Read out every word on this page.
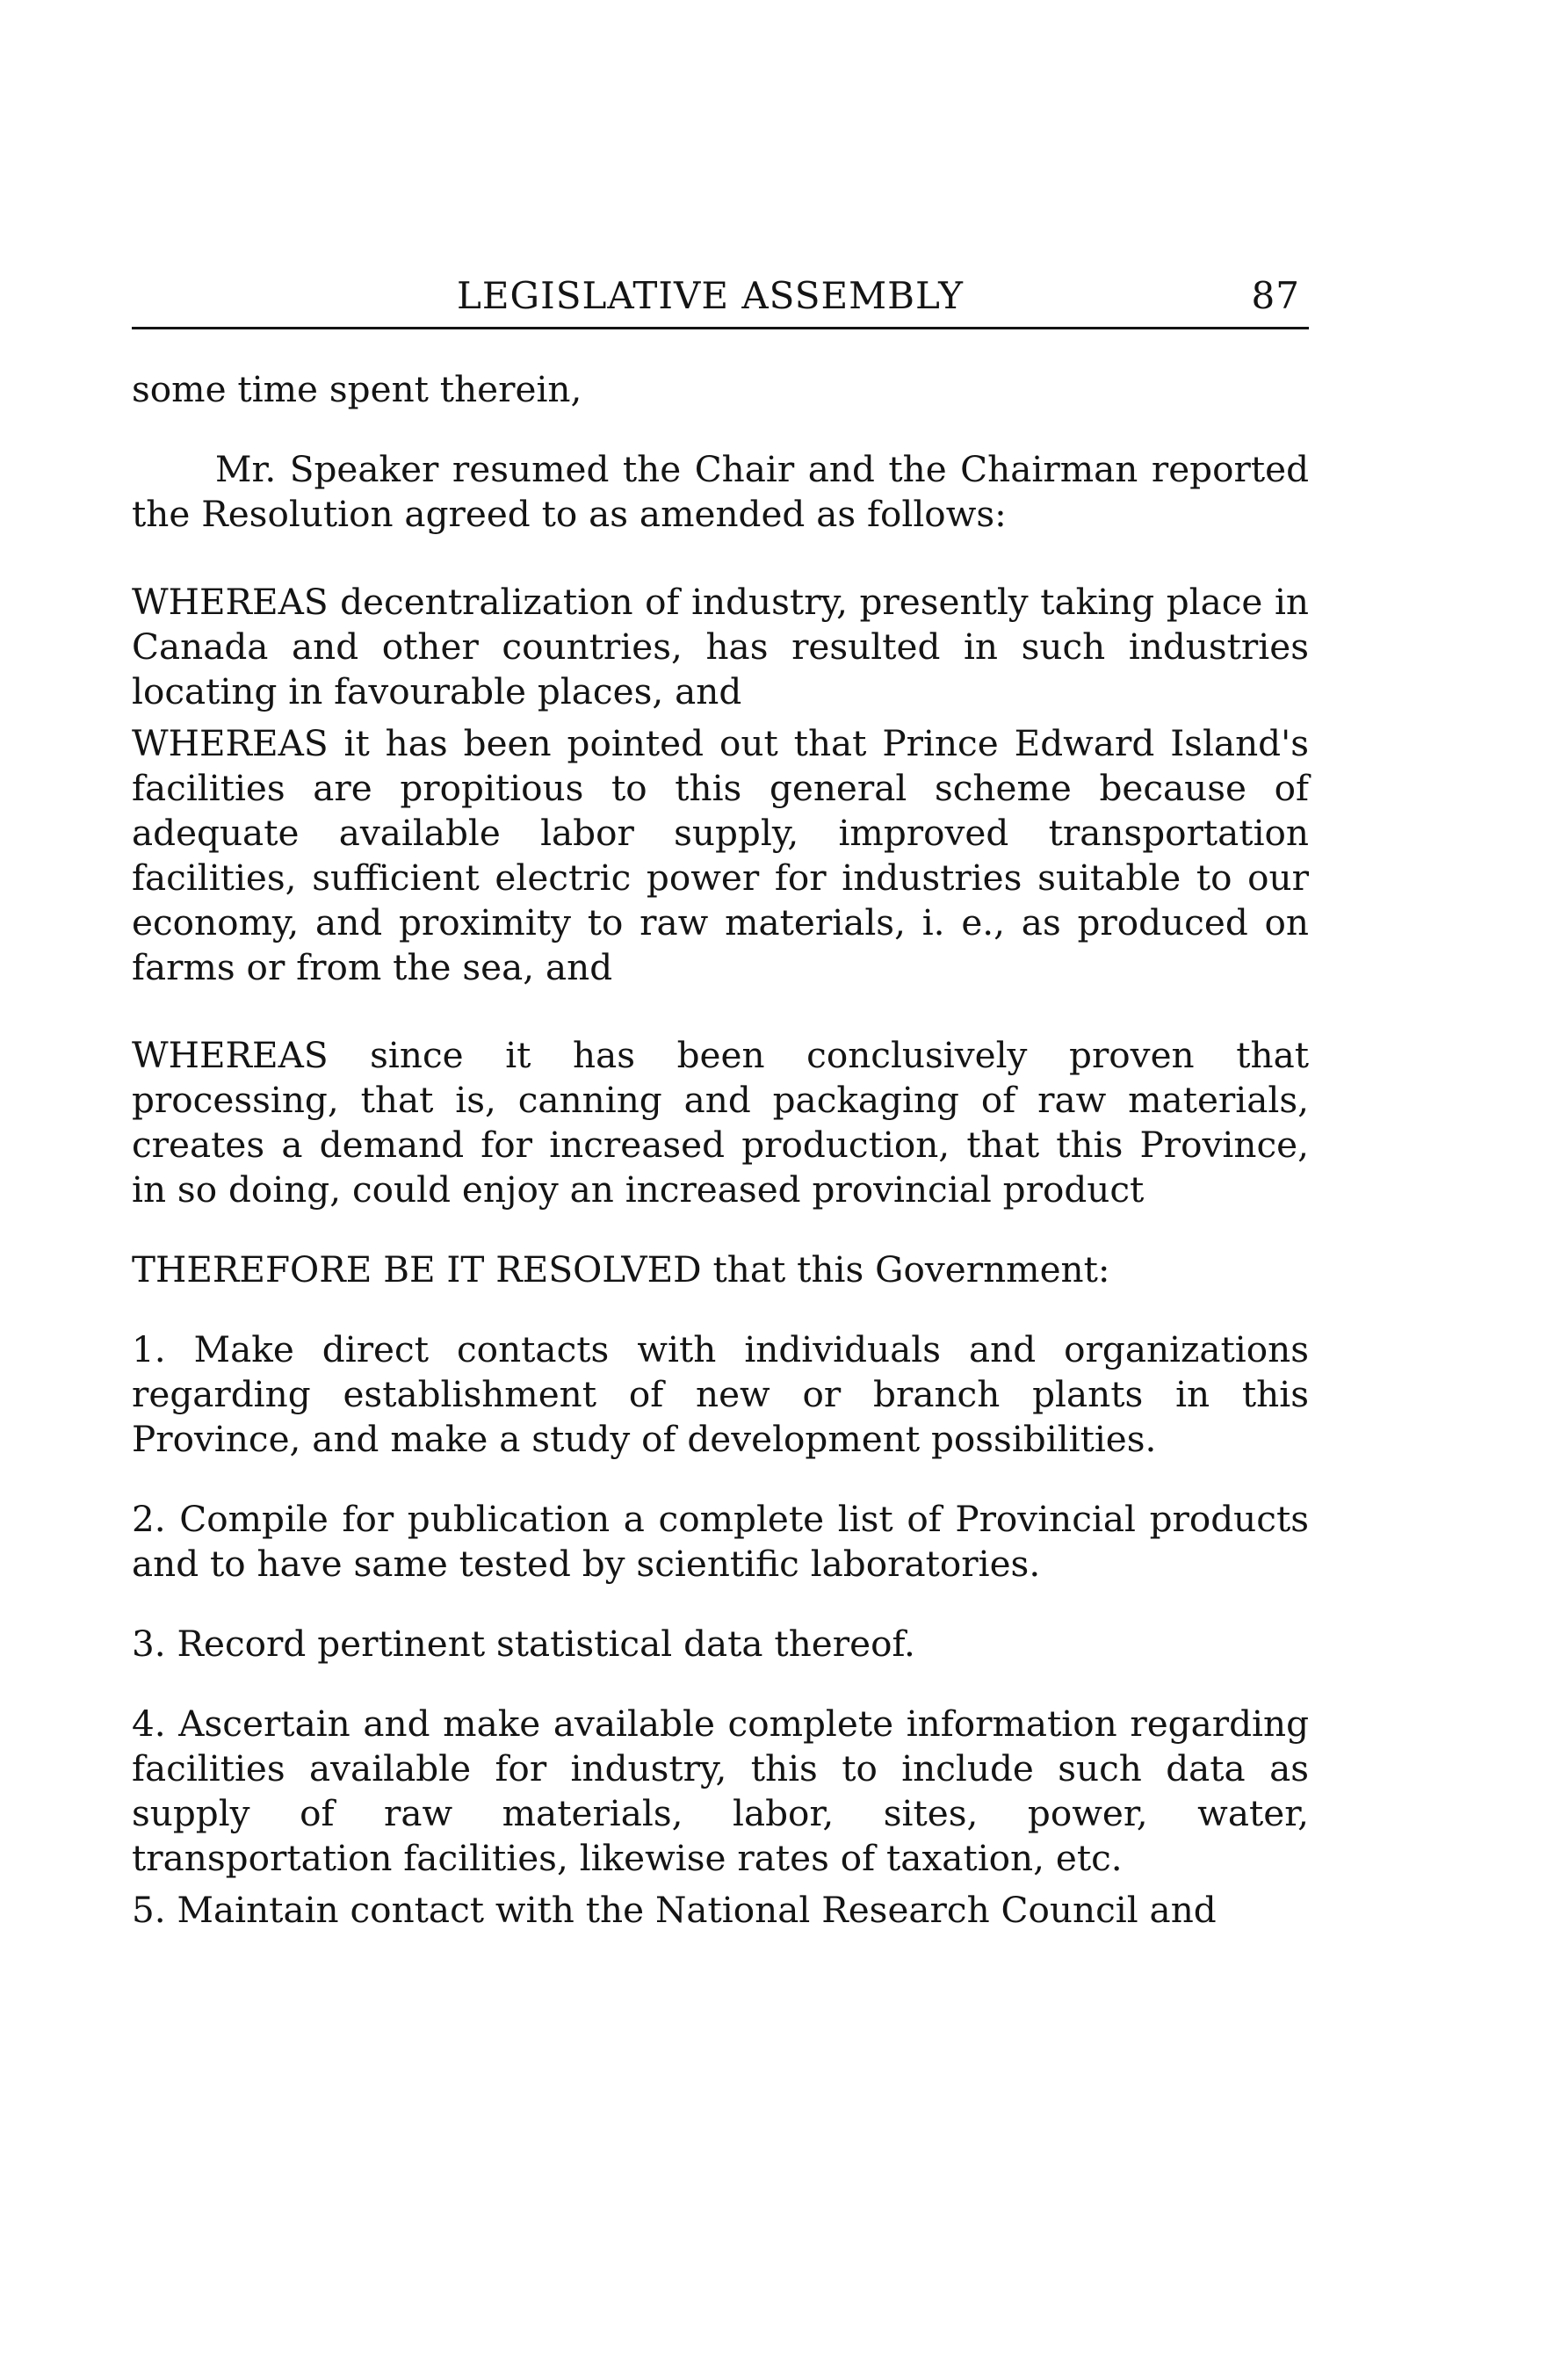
LEGISLATIVE ASSEMBLY	87

some time spent therein,

Mr. Speaker resumed the Chair and the Chairman reported the Resolution agreed to as amended as follows:

WHEREAS decentralization of industry, presently taking place in Canada and other countries, has resulted in such industries locating in favourable places, and

WHEREAS it has been pointed out that Prince Edward Island's facilities are propitious to this general scheme because of adequate available labor supply, improved transportation facilities, sufficient electric power for industries suitable to our economy, and proximity to raw materials, i. e., as produced on farms or from the sea, and

WHEREAS since it has been conclusively proven that processing, that is, canning and packaging of raw materials, creates a demand for increased production, that this Province, in so doing, could enjoy an increased provincial product

THEREFORE BE IT RESOLVED that this Government:

1. Make direct contacts with individuals and organizations regarding establishment of new or branch plants in this Province, and make a study of development possibilities.

2. Compile for publication a complete list of Provincial products and to have same tested by scientific laboratories.

3. Record pertinent statistical data thereof.

4. Ascertain and make available complete information regarding facilities available for industry, this to include such data as supply of raw materials, labor, sites, power, water, transportation facilities, likewise rates of taxation, etc.

5. Maintain contact with the National Research Council and
